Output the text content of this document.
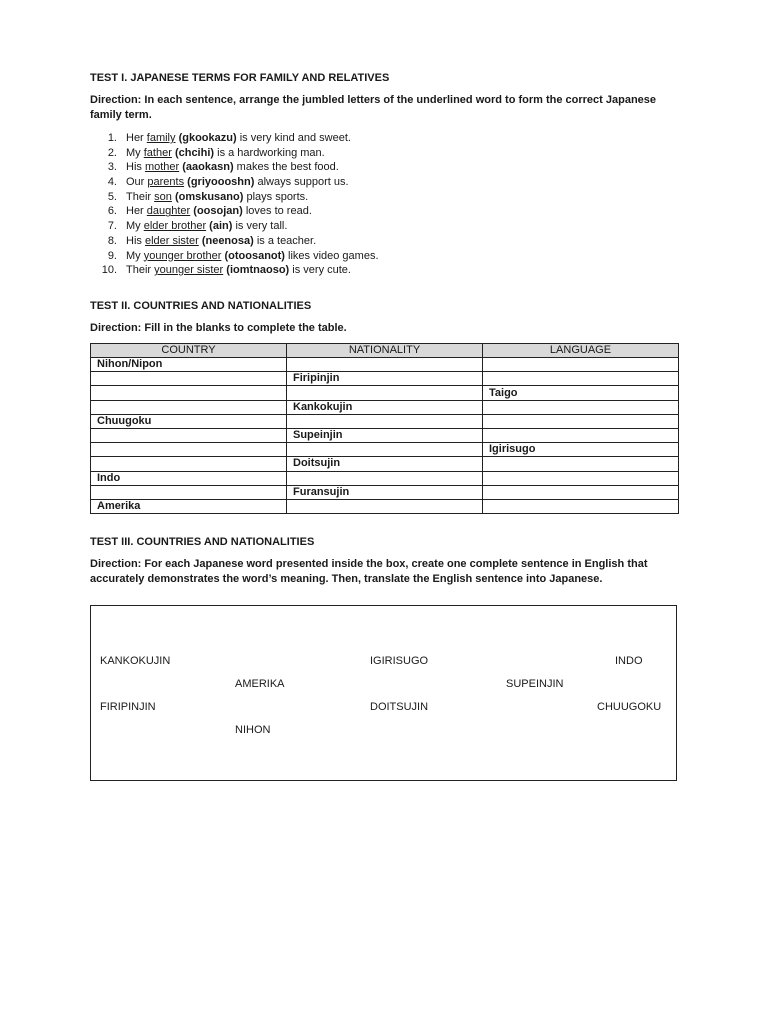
TEST I. JAPANESE TERMS FOR FAMILY AND RELATIVES

Direction: In each sentence, arrange the jumbled letters of the underlined word to form the correct Japanese family term.

1. Her family (gkookazu) is very kind and sweet.
2. My father (chcihi) is a hardworking man.
3. His mother (aaokasn) makes the best food.
4. Our parents (griyoooshn) always support us.
5. Their son (omskusano) plays sports.
6. Her daughter (oosojan) loves to read.
7. My elder brother (ain) is very tall.
8. His elder sister (neenosa) is a teacher.
9. My younger brother (otoosanot) likes video games.
10. Their younger sister (iomtnaoso) is very cute.

TEST II. COUNTRIES AND NATIONALITIES

Direction: Fill in the blanks to complete the table.

COUNTRY	NATIONALITY	LANGUAGE
Nihon/Nipon		
	Firipinjin	
		Taigo
	Kankokujin	
Chuugoku		
	Supeinjin	
		Igirisugo
	Doitsujin	
Indo		
	Furansujin	
Amerika		

TEST III. COUNTRIES AND NATIONALITIES

Direction: For each Japanese word presented inside the box, create one complete sentence in English that accurately demonstrates the word’s meaning. Then, translate the English sentence into Japanese.

KANKOKUJIN	IGIRISUGO	INDO
AMERIKA	SUPEINJIN
FIRIPINJIN	DOITSUJIN	CHUUGOKU
NIHON
